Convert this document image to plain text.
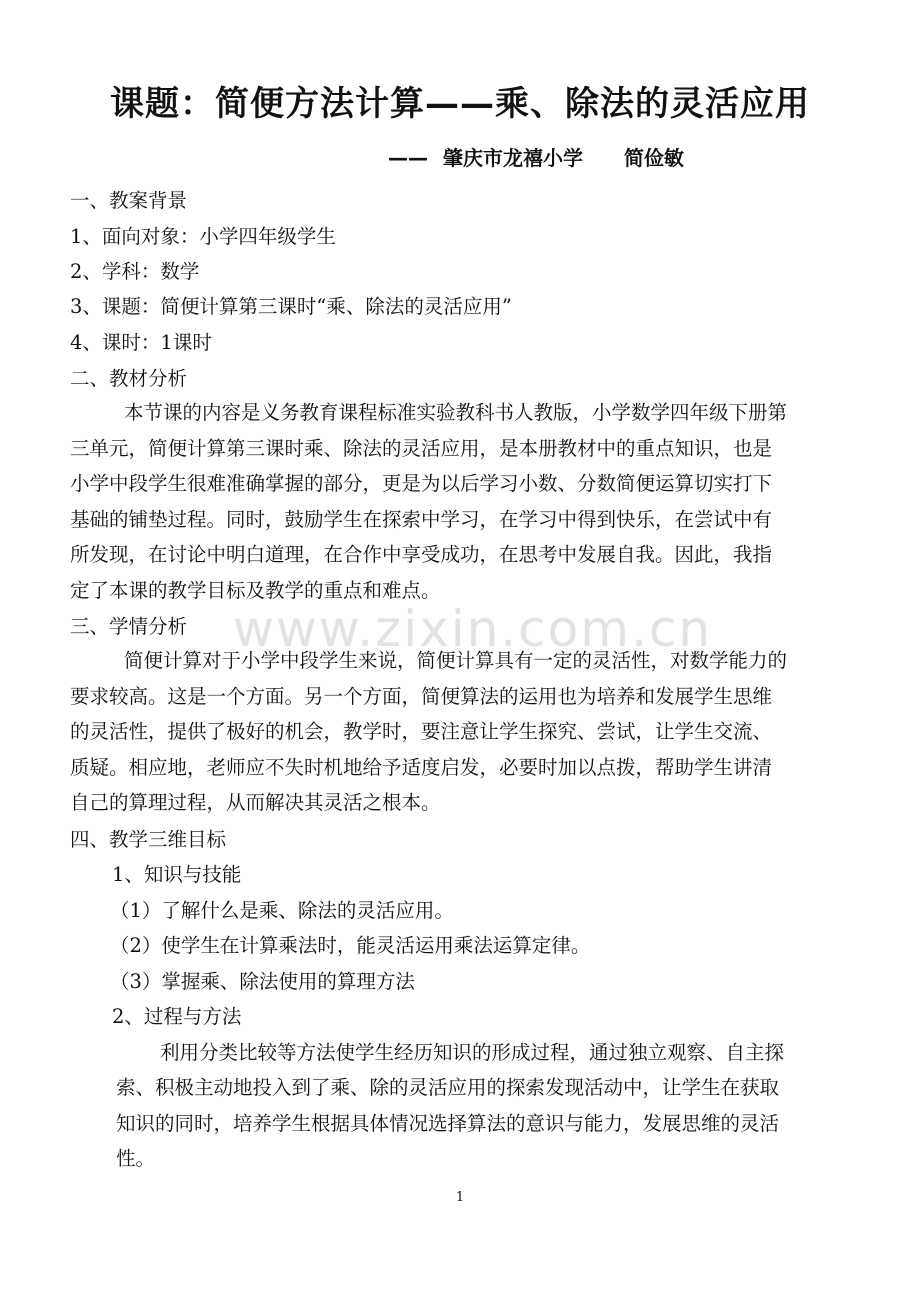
www.zixin.com.cn
课题：简便方法计算——乘、除法的灵活应用
—— 肇庆市龙禧小学 简俭敏
一、教案背景
1、面向对象：小学四年级学生
2、学科：数学
3、课题：简便计算第三课时“乘、除法的灵活应用”
4、课时：1课时
二、教材分析
本节课的内容是义务教育课程标准实验教科书人教版，小学数学四年级下册第
三单元，简便计算第三课时乘、除法的灵活应用，是本册教材中的重点知识，也是
小学中段学生很难准确掌握的部分，更是为以后学习小数、分数简便运算切实打下
基础的铺垫过程。同时，鼓励学生在探索中学习，在学习中得到快乐，在尝试中有
所发现，在讨论中明白道理，在合作中享受成功，在思考中发展自我。因此，我指
定了本课的教学目标及教学的重点和难点。
三、学情分析
简便计算对于小学中段学生来说，简便计算具有一定的灵活性，对数学能力的
要求较高。这是一个方面。另一个方面，简便算法的运用也为培养和发展学生思维
的灵活性，提供了极好的机会，教学时，要注意让学生探究、尝试，让学生交流、
质疑。相应地，老师应不失时机地给予适度启发，必要时加以点拨，帮助学生讲清
自己的算理过程，从而解决其灵活之根本。
四、教学三维目标
1、知识与技能
（1）了解什么是乘、除法的灵活应用。
（2）使学生在计算乘法时，能灵活运用乘法运算定律。
（3）掌握乘、除法使用的算理方法
2、过程与方法
利用分类比较等方法使学生经历知识的形成过程，通过独立观察、自主探
索、积极主动地投入到了乘、除的灵活应用的探索发现活动中，让学生在获取
知识的同时，培养学生根据具体情况选择算法的意识与能力，发展思维的灵活
性。
1
